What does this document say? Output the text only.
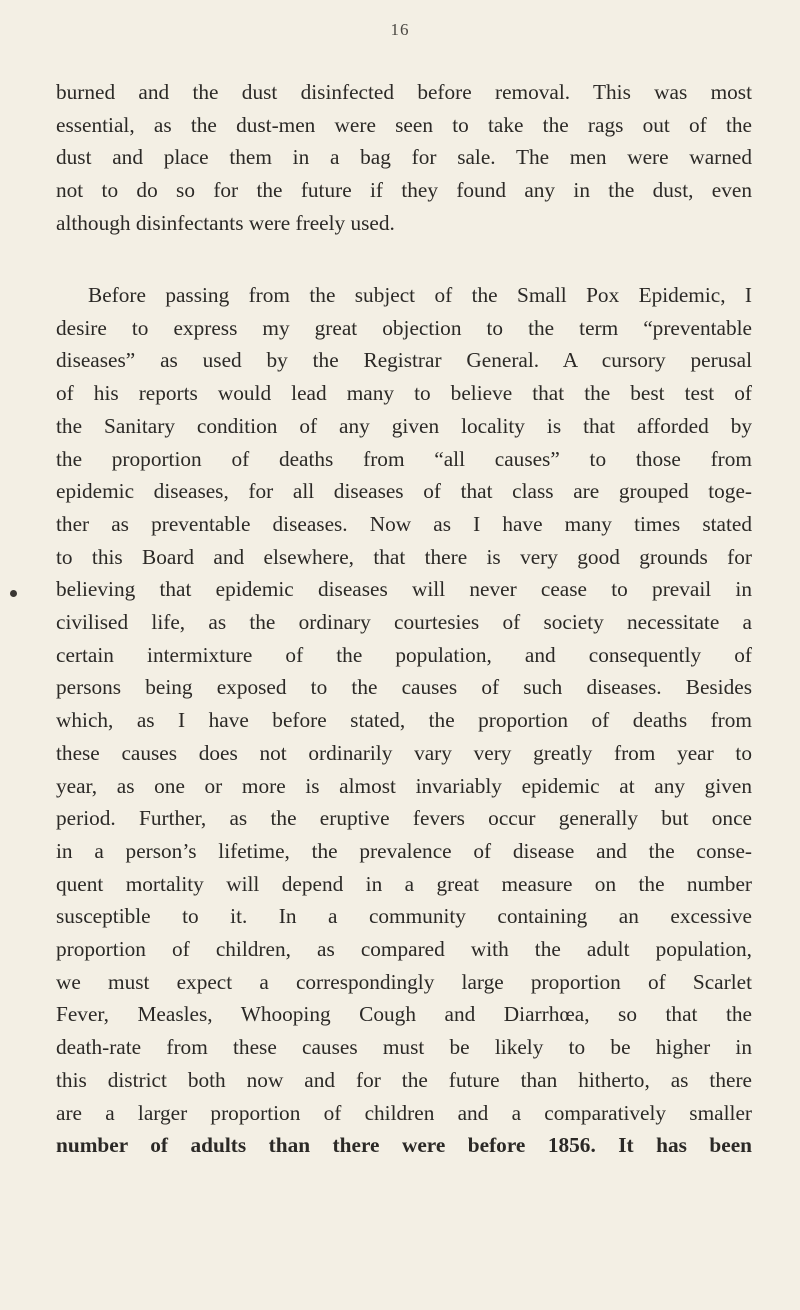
16
burned and the dust disinfected before removal. This was most
essential, as the dust-men were seen to take the rags out of the
dust and place them in a bag for sale. The men were warned
not to do so for the future if they found any in the dust, even
although disinfectants were freely used.
Before passing from the subject of the Small Pox Epidemic, I
desire to express my great objection to the term “preventable
diseases” as used by the Registrar General. A cursory perusal
of his reports would lead many to believe that the best test of
the Sanitary condition of any given locality is that afforded by
the proportion of deaths from “all causes” to those from
epidemic diseases, for all diseases of that class are grouped toge-
ther as preventable diseases. Now as I have many times stated
to this Board and elsewhere, that there is very good grounds for
believing that epidemic diseases will never cease to prevail in
civilised life, as the ordinary courtesies of society necessitate a
certain intermixture of the population, and consequently of
persons being exposed to the causes of such diseases. Besides
which, as I have before stated, the proportion of deaths from
these causes does not ordinarily vary very greatly from year to
year, as one or more is almost invariably epidemic at any given
period. Further, as the eruptive fevers occur generally but once
in a person’s lifetime, the prevalence of disease and the conse-
quent mortality will depend in a great measure on the number
susceptible to it. In a community containing an excessive
proportion of children, as compared with the adult population,
we must expect a correspondingly large proportion of Scarlet
Fever, Measles, Whooping Cough and Diarrhœa, so that the
death-rate from these causes must be likely to be higher in
this district both now and for the future than hitherto, as there
are a larger proportion of children and a comparatively smaller
number of adults than there were before 1856. It has been
